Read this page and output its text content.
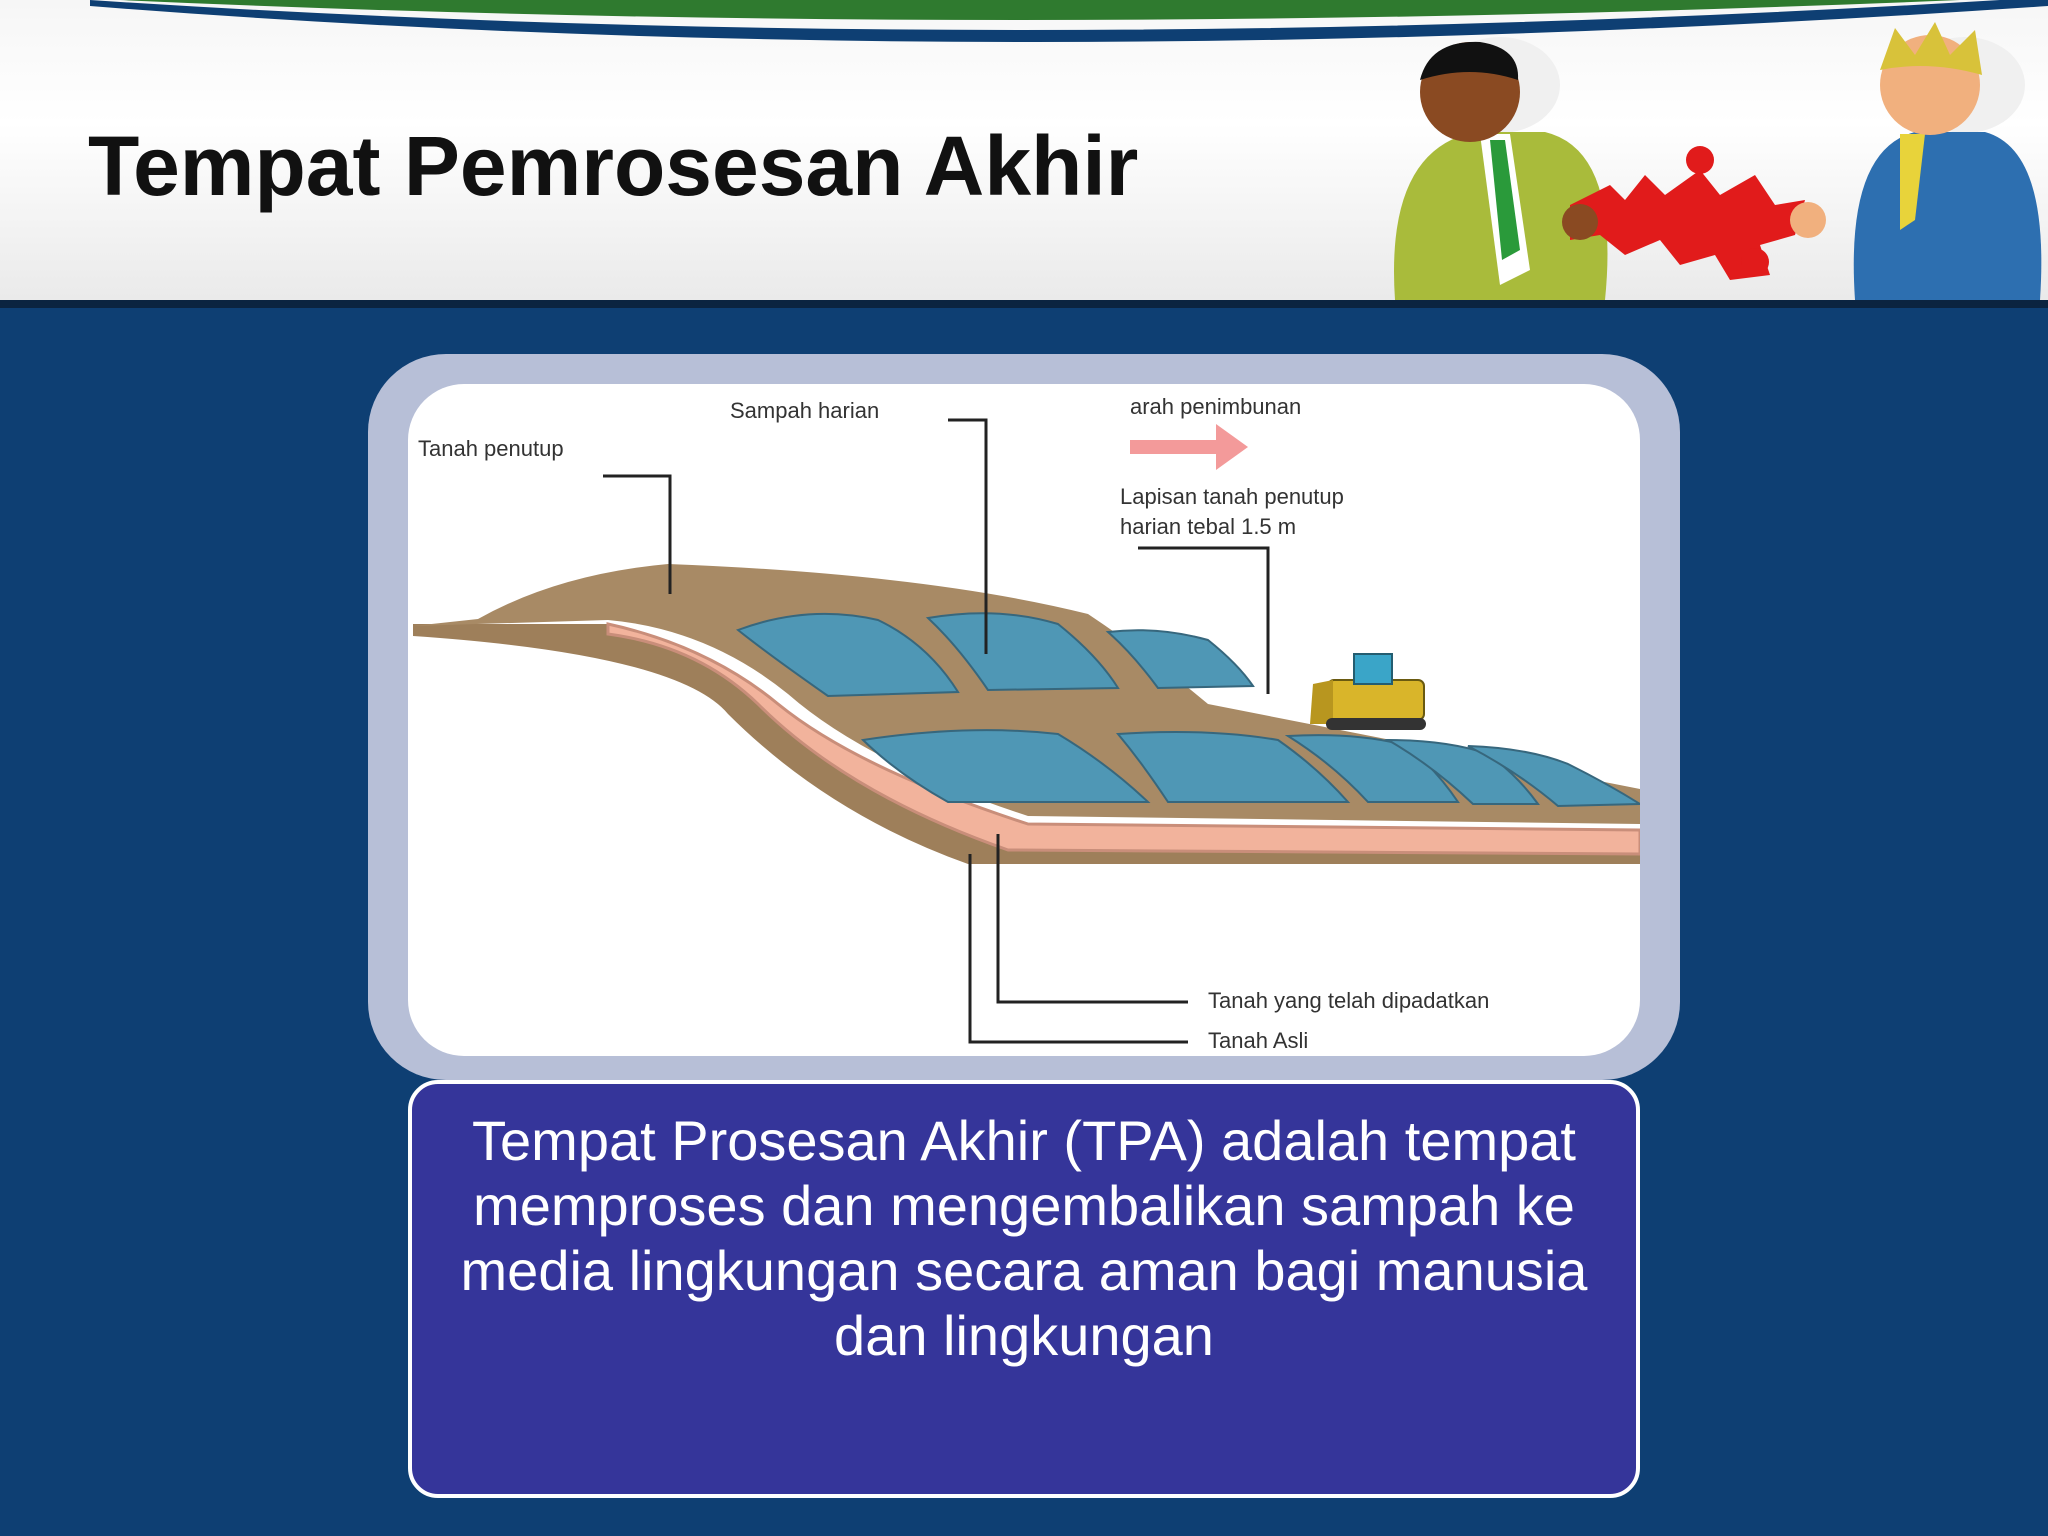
Tempat Pemrosesan Akhir
Tanah penutup
Sampah harian	arah penimbunan
Lapisan tanah penutup
harian tebal 1.5 m
Tanah yang telah dipadatkan
Tanah Asli
Tempat Prosesan Akhir (TPA) adalah tempat memproses dan mengembalikan sampah ke media lingkungan secara aman bagi manusia dan lingkungan
